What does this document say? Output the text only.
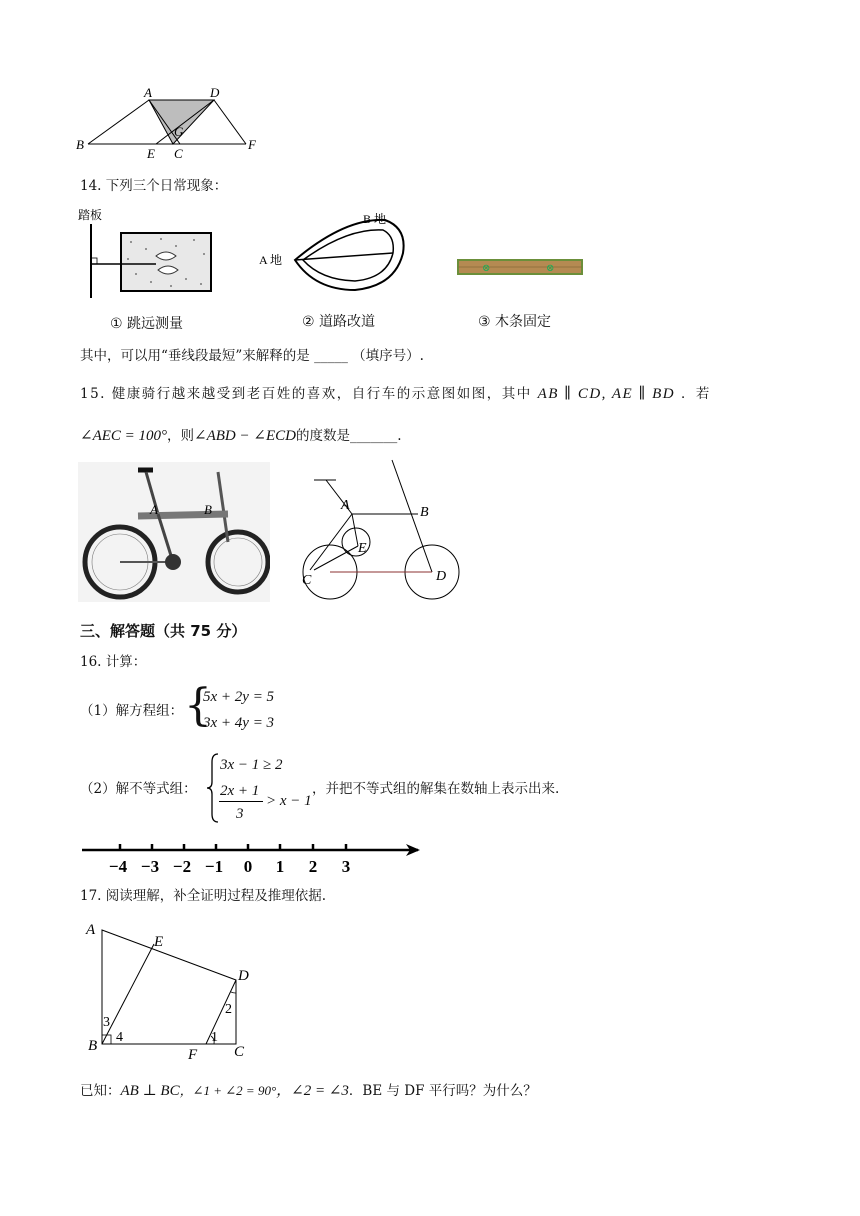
A	D
B
G
E C
F
14. 下列三个日常现象：
踏板
A 地
B 地
⊗	⊗
① 跳远测量	② 道路改道	③ 木条固定
其中，可以用“垂线段最短”来解释的是 _____ （填序号）.
15. 健康骑行越来越受到老百姓的喜欢，自行车的示意图如图，其中 AB ∥ CD, AE ∥ BD ．若
∠AEC = 100°，则∠ABD − ∠ECD的度数是_______.
A	B	A	B
E
C	D
三、解答题（共 75 分）
16. 计算：
（1）解方程组： {
5x + 2y = 5
3x + 4y = 3
（2）解不等式组：
3x − 1 ≥ 2
2x + 1
3
> x − 1
，并把不等式组的解集在数轴上表示出来.
−4 −3 −2 −1 0 1 2 3
17. 阅读理解，补全证明过程及推理依据.
A
E
D
B
F C
1
2
3
4
已知：AB ⊥ BC，∠1 + ∠2 = 90°，∠2 = ∠3．BE 与 DF 平行吗？为什么？
